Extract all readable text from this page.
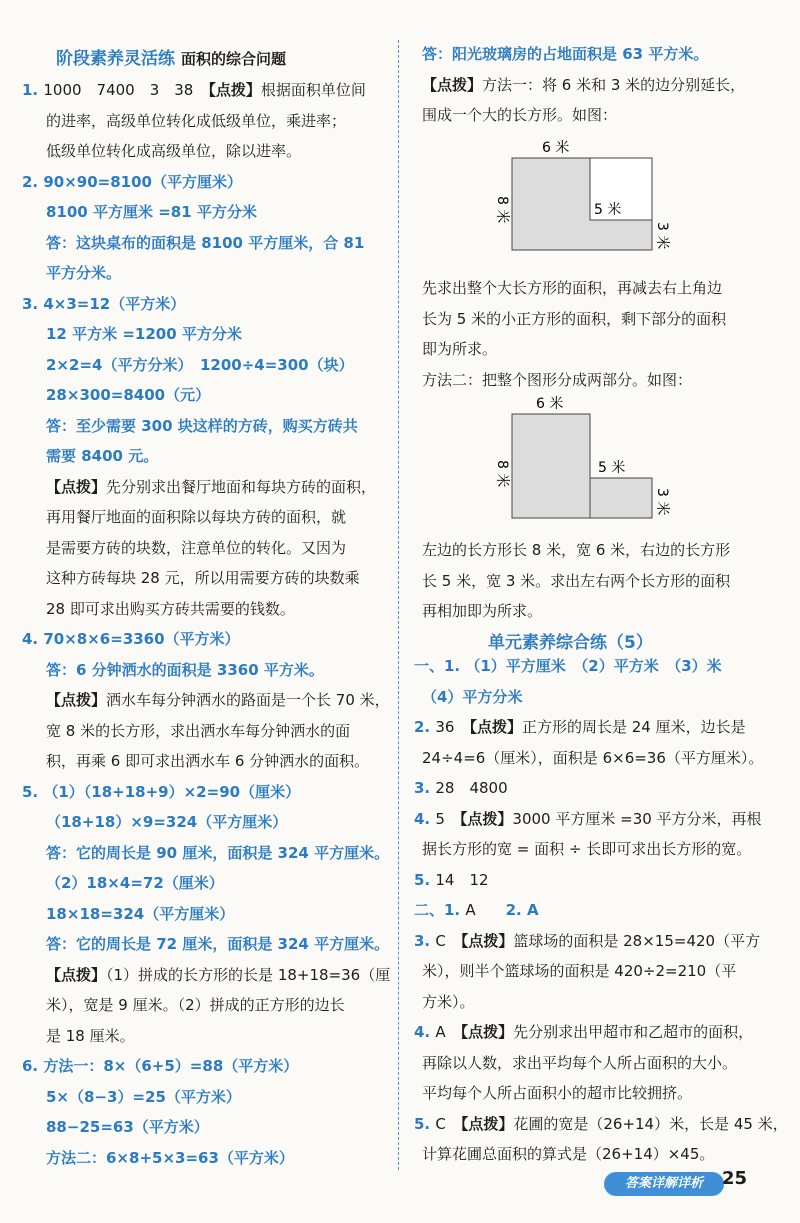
阶段素养灵活练 面积的综合问题
1. 1000　7400　3　38　【点拨】根据面积单位间
的进率，高级单位转化成低级单位，乘进率；
低级单位转化成高级单位，除以进率。
2. 90×90=8100（平方厘米）
8100 平方厘米 =81 平方分米
答：这块桌布的面积是 8100 平方厘米，合 81
平方分米。
3. 4×3=12（平方米）
12 平方米 =1200 平方分米
2×2=4（平方分米）　1200÷4=300（块）
28×300=8400（元）
答：至少需要 300 块这样的方砖，购买方砖共
需要 8400 元。
【点拨】先分别求出餐厅地面和每块方砖的面积，
再用餐厅地面的面积除以每块方砖的面积，就
是需要方砖的块数，注意单位的转化。又因为
这种方砖每块 28 元，所以用需要方砖的块数乘
28 即可求出购买方砖共需要的钱数。
4. 70×8×6=3360（平方米）
答：6 分钟洒水的面积是 3360 平方米。
【点拨】洒水车每分钟洒水的路面是一个长 70 米，
宽 8 米的长方形，求出洒水车每分钟洒水的面
积，再乘 6 即可求出洒水车 6 分钟洒水的面积。
5. （1）（18+18+9）×2=90（厘米）
（18+18）×9=324（平方厘米）
答：它的周长是 90 厘米，面积是 324 平方厘米。
（2）18×4=72（厘米）
18×18=324（平方厘米）
答：它的周长是 72 厘米，面积是 324 平方厘米。
【点拨】（1）拼成的长方形的长是 18+18=36（厘
米），宽是 9 厘米。（2）拼成的正方形的边长
是 18 厘米。
6. 方法一：8×（6+5）=88（平方米）
5×（8−3）=25（平方米）
88−25=63（平方米）
方法二：6×8+5×3=63（平方米）
答：阳光玻璃房的占地面积是 63 平方米。
【点拨】方法一：将 6 米和 3 米的边分别延长，
围成一个大的长方形。如图：
先求出整个大长方形的面积，再减去右上角边
长为 5 米的小正方形的面积，剩下部分的面积
即为所求。
方法二：把整个图形分成两部分。如图：
左边的长方形长 8 米，宽 6 米，右边的长方形
长 5 米，宽 3 米。求出左右两个长方形的面积
再相加即为所求。
一、1. （1）平方厘米　（2）平方米　（3）米
（4）平方分米
2. 36　【点拨】正方形的周长是 24 厘米，边长是
24÷4=6（厘米），面积是 6×6=36（平方厘米）。
3. 28　4800
4. 5　【点拨】3000 平方厘米 =30 平方分米，再根
据长方形的宽 = 面积 ÷ 长即可求出长方形的宽。
5. 14　12
二、1. A　　2. A
3. C　【点拨】篮球场的面积是 28×15=420（平方
米），则半个篮球场的面积是 420÷2=210（平
方米）。
4. A　【点拨】先分别求出甲超市和乙超市的面积，
再除以人数，求出平均每个人所占面积的大小。
平均每个人所占面积小的超市比较拥挤。
5. C　【点拨】花圃的宽是（26+14）米，长是 45 米，
计算花圃总面积的算式是（26+14）×45。
单元素养综合练（5）
6 米
8 米	5 米
3 米
6 米
8 米	5 米
3 米
答案详解详析	25
